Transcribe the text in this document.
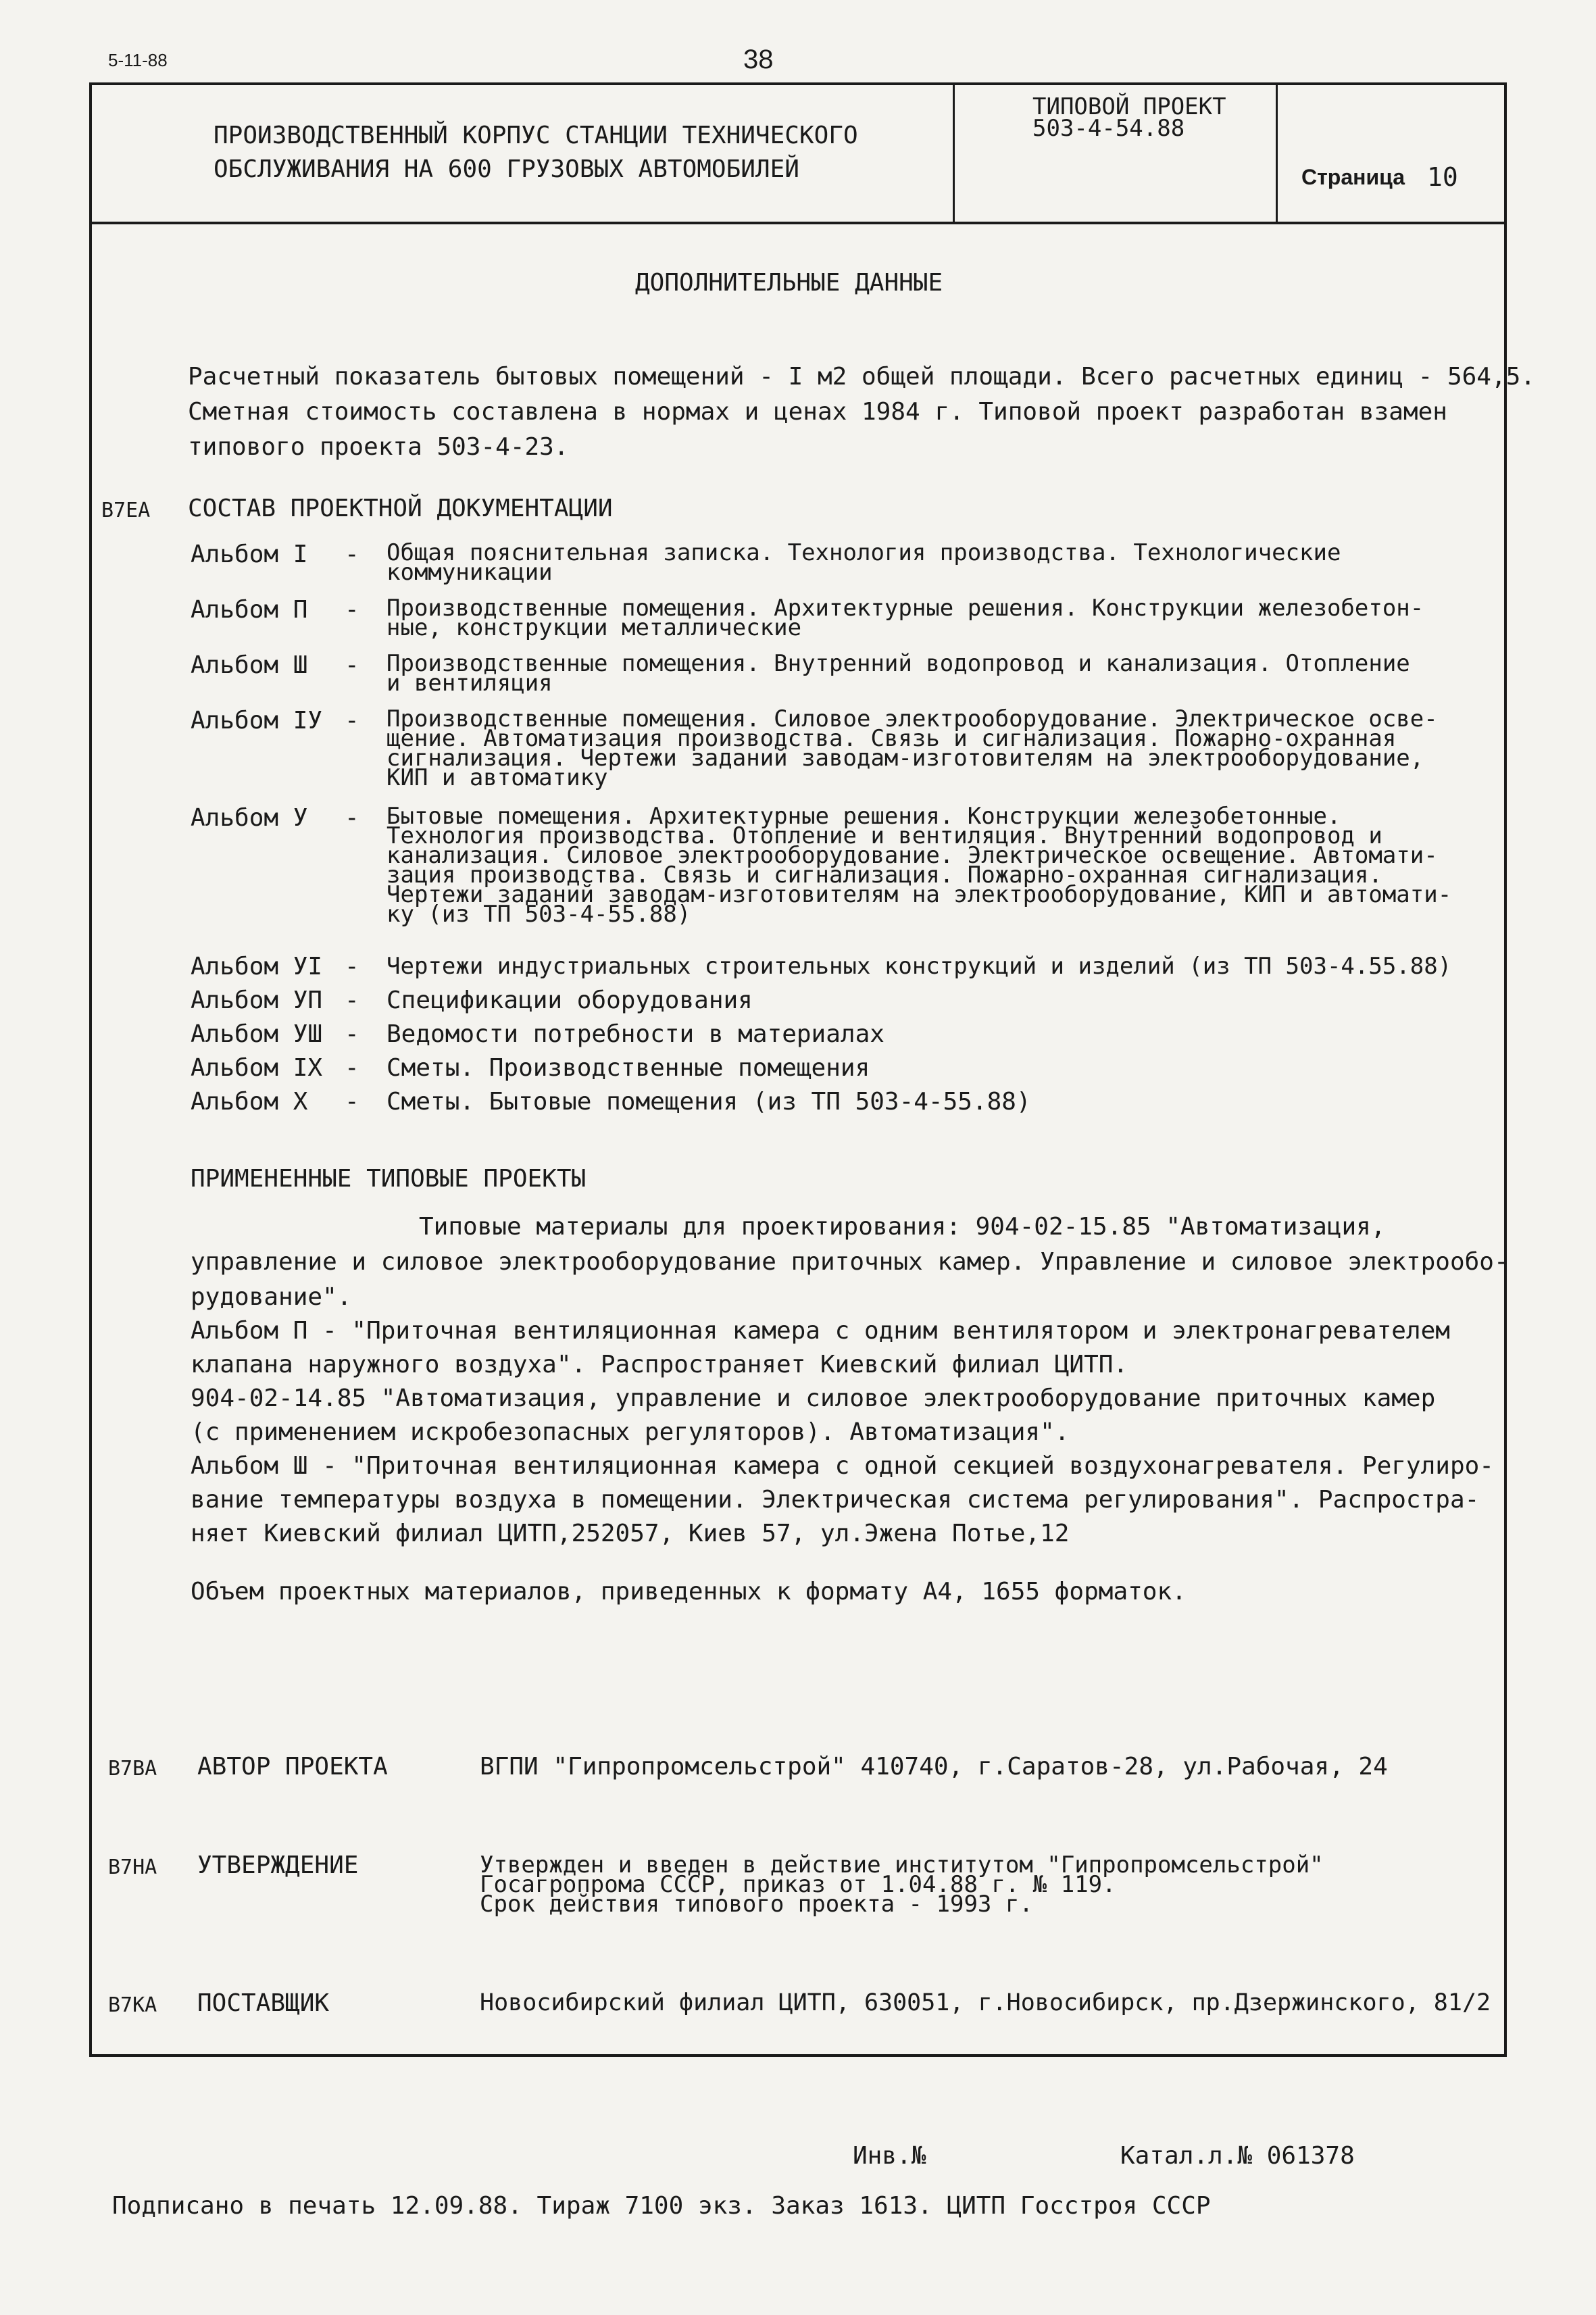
5-11-88	38
ПРОИЗВОДСТВЕННЫЙ КОРПУС СТАНЦИИ ТЕХНИЧЕСКОГО
ОБСЛУЖИВАНИЯ НА 600 ГРУЗОВЫХ АВТОМОБИЛЕЙ
ТИПОВОЙ ПРОЕКТ
503-4-54.88
Страница 10
ДОПОЛНИТЕЛЬНЫЕ ДАННЫЕ
Расчетный показатель бытовых помещений - I м2 общей площади. Всего расчетных единиц - 564,5.
Сметная стоимость составлена в нормах и ценах 1984 г. Типовой проект разработан взамен
типового проекта 503-4-23.
В7ЕА СОСТАВ ПРОЕКТНОЙ ДОКУМЕНТАЦИИ
Альбом I - Общая пояснительная записка. Технология производства. Технологические
коммуникации
Альбом П - Производственные помещения. Архитектурные решения. Конструкции железобетон-
ные, конструкции металлические
Альбом Ш - Производственные помещения. Внутренний водопровод и канализация. Отопление
и вентиляция
Альбом IУ - Производственные помещения. Силовое электрооборудование. Электрическое осве-
щение. Автоматизация производства. Связь и сигнализация. Пожарно-охранная
сигнализация. Чертежи заданий заводам-изготовителям на электрооборудование,
КИП и автоматику
Альбом У - Бытовые помещения. Архитектурные решения. Конструкции железобетонные.
Технология производства. Отопление и вентиляция. Внутренний водопровод и
канализация. Силовое электрооборудование. Электрическое освещение. Автомати-
зация производства. Связь и сигнализация. Пожарно-охранная сигнализация.
Чертежи заданий заводам-изготовителям на электрооборудование, КИП и автомати-
ку (из ТП 503-4-55.88)
Альбом УI - Чертежи индустриальных строительных конструкций и изделий (из ТП 503-4.55.88)
Альбом УП - Спецификации оборудования
Альбом УШ - Ведомости потребности в материалах
Альбом IХ - Сметы. Производственные помещения
Альбом Х - Сметы. Бытовые помещения (из ТП 503-4-55.88)
ПРИМЕНЕННЫЕ ТИПОВЫЕ ПРОЕКТЫ
Типовые материалы для проектирования: 904-02-15.85 "Автоматизация,
управление и силовое электрооборудование приточных камер. Управление и силовое электрообо-
рудование".
Альбом П - "Приточная вентиляционная камера с одним вентилятором и электронагревателем
клапана наружного воздуха". Распространяет Киевский филиал ЦИТП.
904-02-14.85 "Автоматизация, управление и силовое электрооборудование приточных камер
(с применением искробезопасных регуляторов). Автоматизация".
Альбом Ш - "Приточная вентиляционная камера с одной секцией воздухонагревателя. Регулиро-
вание температуры воздуха в помещении. Электрическая система регулирования". Распростра-
няет Киевский филиал ЦИТП,252057, Киев 57, ул.Эжена Потье,12
Объем проектных материалов, приведенных к формату А4, 1655 форматок.
В7ВА АВТОР ПРОЕКТА	ВГПИ "Гипропромсельстрой" 410740, г.Саратов-28, ул.Рабочая, 24
В7НА УТВЕРЖДЕНИЕ	Утвержден и введен в действие институтом "Гипропромсельстрой"
Госагропрома СССР, приказ от 1.04.88 г. № 119.
Срок действия типового проекта - 1993 г.
В7КА ПОСТАВЩИК	Новосибирский филиал ЦИТП, 630051, г.Новосибирск, пр.Дзержинского, 81/2
Инв.№	Катал.л.№ 061378
Подписано в печать 12.09.88. Тираж 7100 экз. Заказ 1613. ЦИТП Госстроя СССР
